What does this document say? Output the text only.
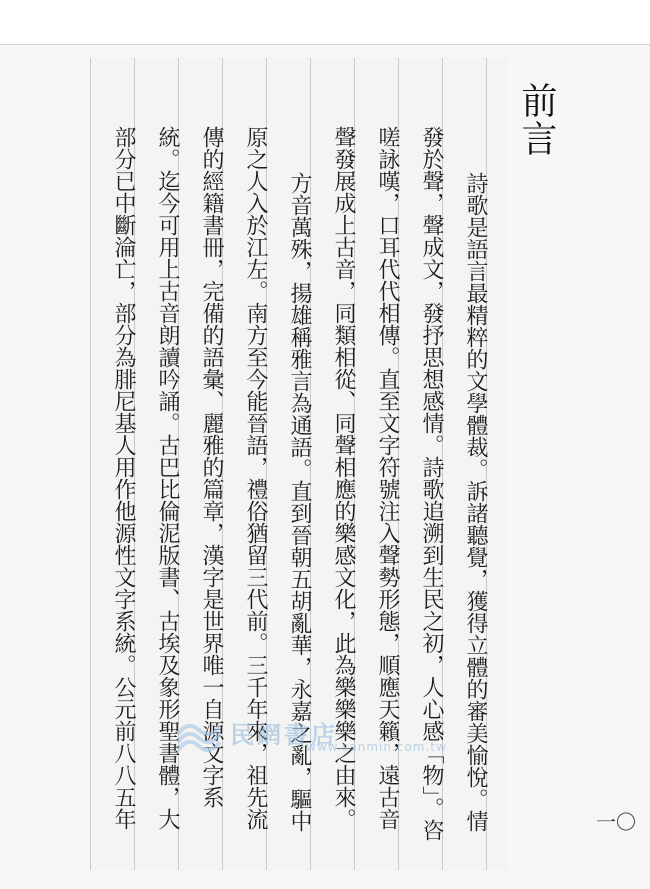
詩歌是語言最精粹的文學體裁。訴諸聽覺，獲得立體的審美愉悅。情
發於聲，聲成文，發抒思想感情。詩歌追溯到生民之初，人心感「物」。咨
嗟詠嘆，口耳代代相傳。直至文字符號注入聲勢形態，順應天籟，遠古音
聲發展成上古音，同類相從、同聲相應的樂感文化，此為樂樂樂之由來。
方音萬殊，揚雄稱雅言為通語。直到晉朝五胡亂華，永嘉之亂，驅中
原之人入於江左。南方至今能晉語，禮俗猶留三代前。三千年來，祖先流
傳的經籍書冊，完備的語彙、麗雅的篇章，漢字是世界唯一自源文字系
統。迄今可用上古音朗讀吟誦。古巴比倫泥版書、古埃及象形聖書體，大
部分已中斷淪亡，部分為腓尼基人用作他源性文字系統。公元前八八五年
前言
民網書店
www.sanmin.com.tw
一〇
